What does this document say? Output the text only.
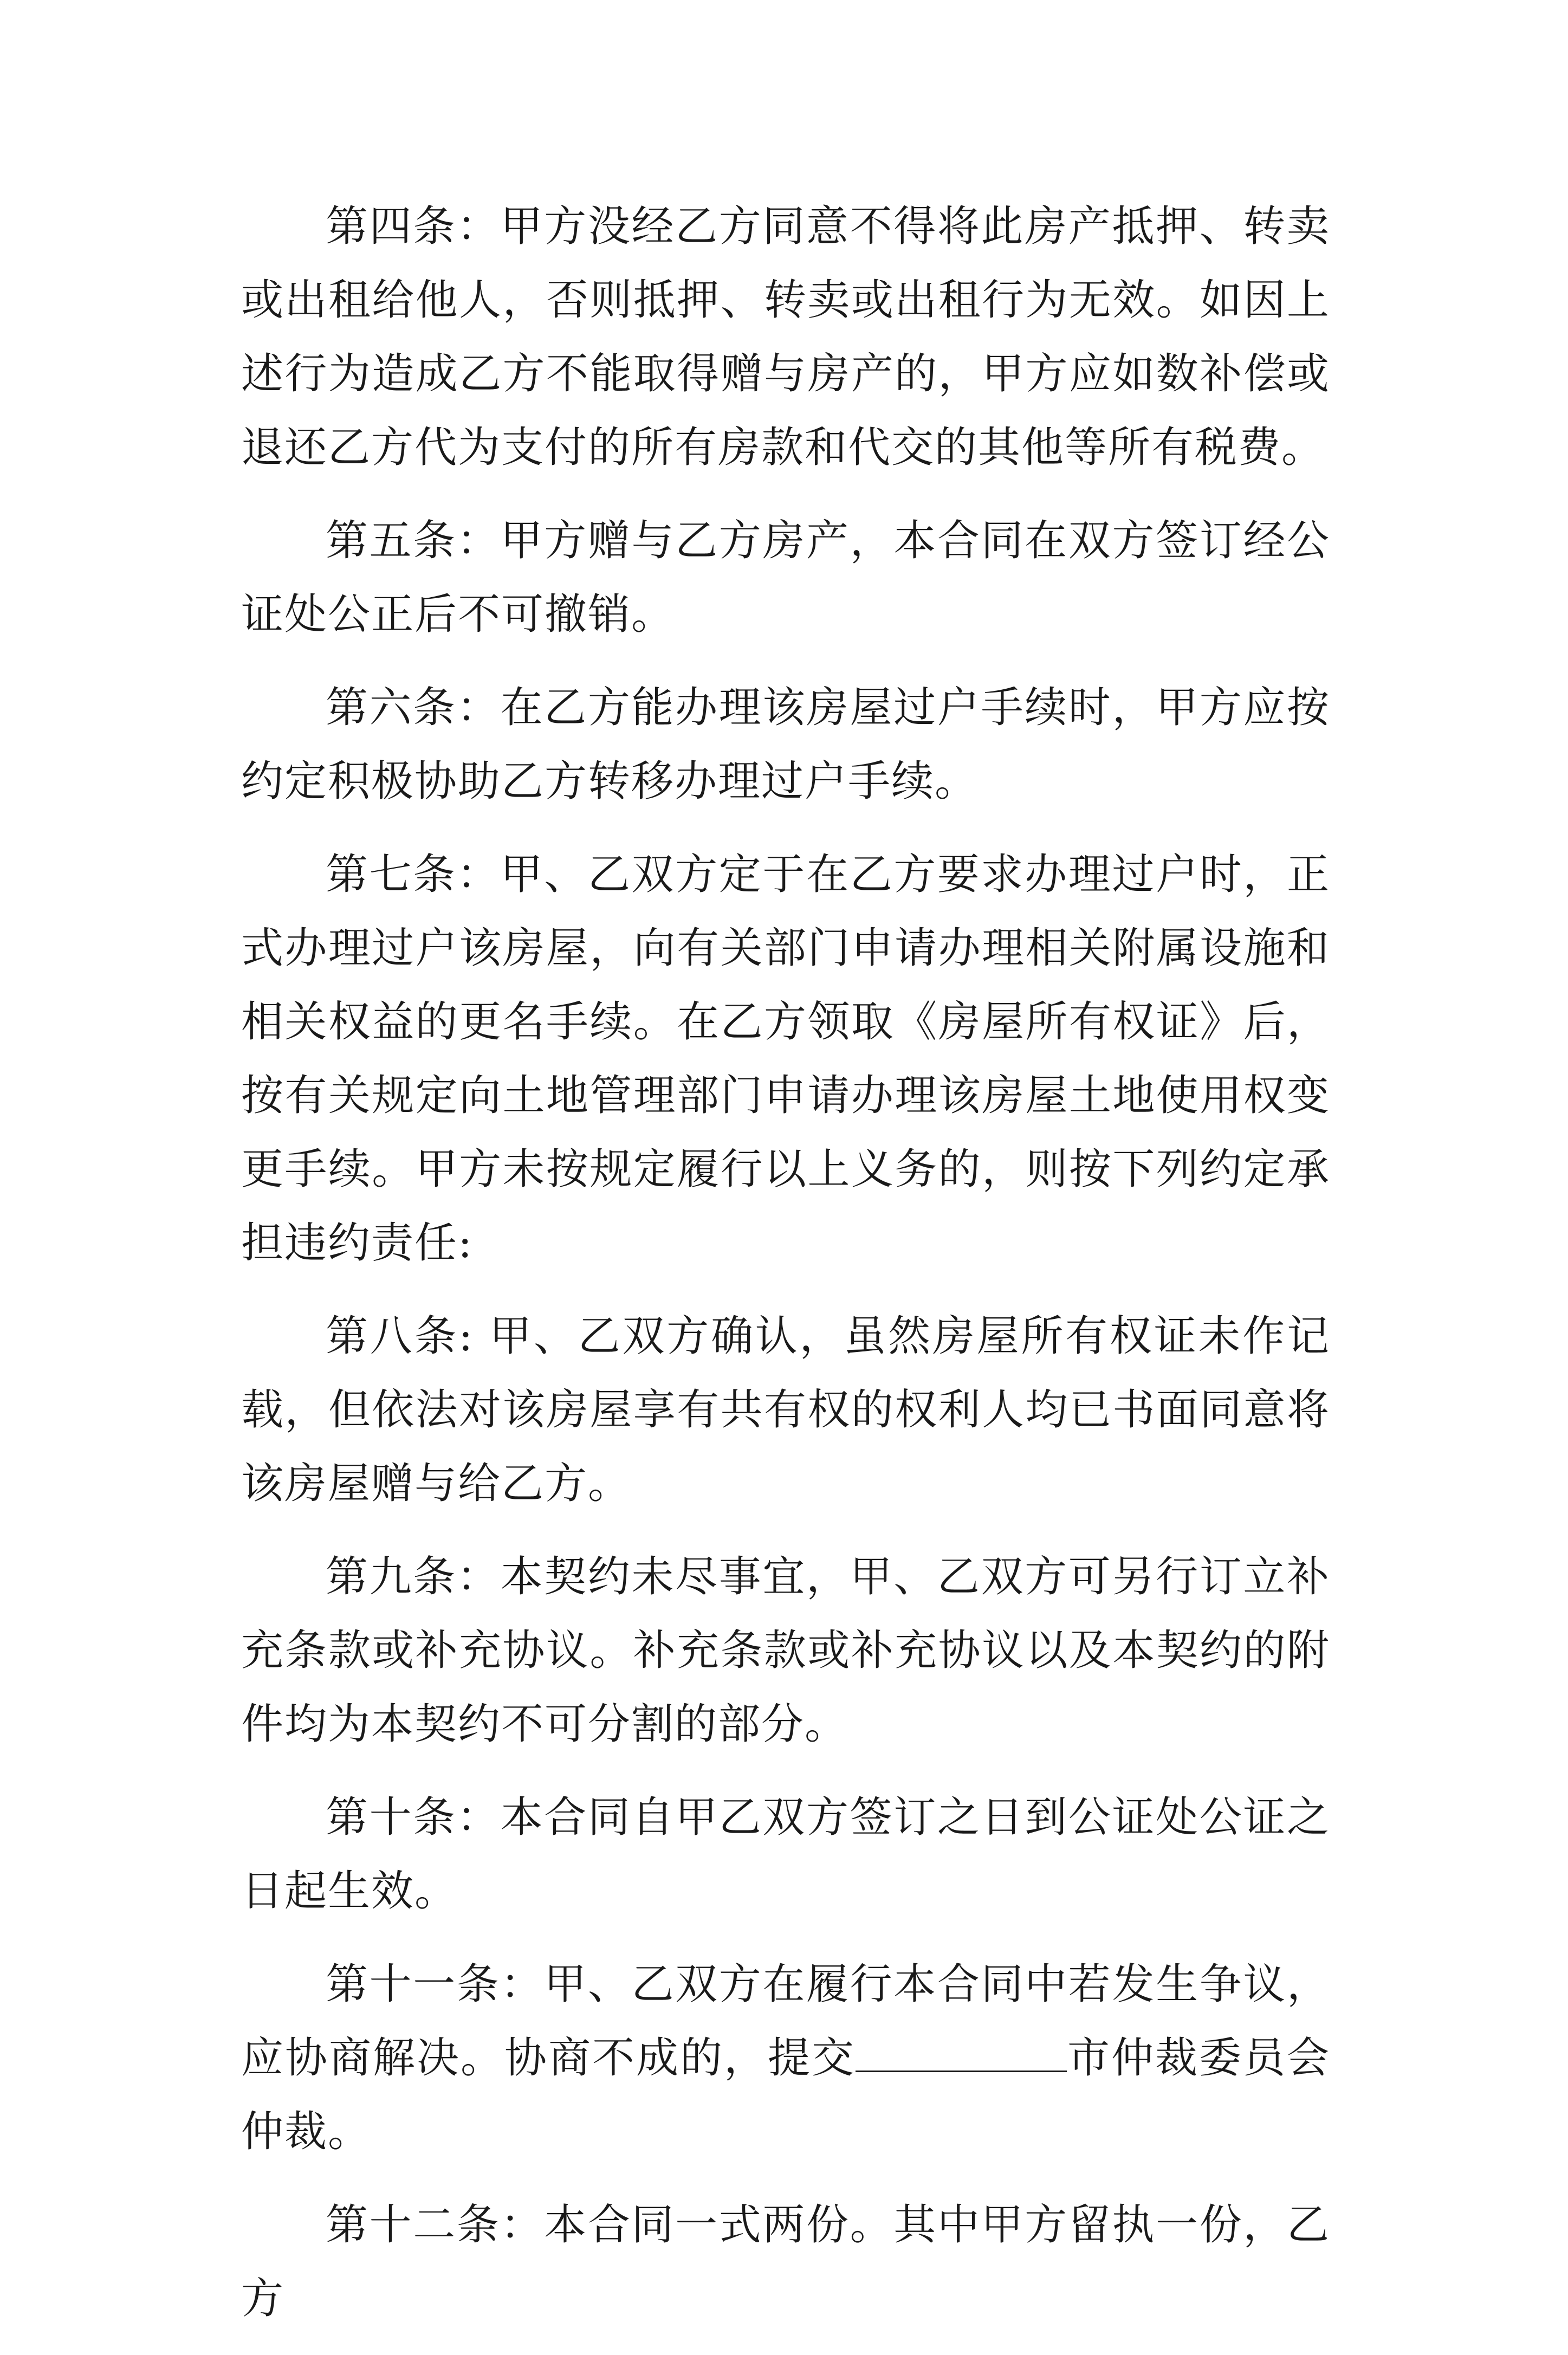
第四条：甲方没经乙方同意不得将此房产抵押、转卖或出租给他人，否则抵押、转卖或出租行为无效。如因上述行为造成乙方不能取得赠与房产的，甲方应如数补偿或退还乙方代为支付的所有房款和代交的其他等所有税费。

第五条：甲方赠与乙方房产，本合同在双方签订经公证处公正后不可撤销。

第六条：在乙方能办理该房屋过户手续时，甲方应按约定积极协助乙方转移办理过户手续。

第七条：甲、乙双方定于在乙方要求办理过户时，正式办理过户该房屋，向有关部门申请办理相关附属设施和相关权益的更名手续。在乙方领取《房屋所有权证》后，按有关规定向土地管理部门申请办理该房屋土地使用权变更手续。甲方未按规定履行以上义务的，则按下列约定承担违约责任:

第八条: 甲、乙双方确认，虽然房屋所有权证未作记载，但依法对该房屋享有共有权的权利人均已书面同意将该房屋赠与给乙方。

第九条：本契约未尽事宜，甲、乙双方可另行订立补充条款或补充协议。补充条款或补充协议以及本契约的附件均为本契约不可分割的部分。

第十条：本合同自甲乙双方签订之日到公证处公证之日起生效。

第十一条：甲、乙双方在履行本合同中若发生争议，应协商解决。协商不成的，提交	市仲裁委员会仲裁。

第十二条：本合同一式两份。其中甲方留执一份，乙方
